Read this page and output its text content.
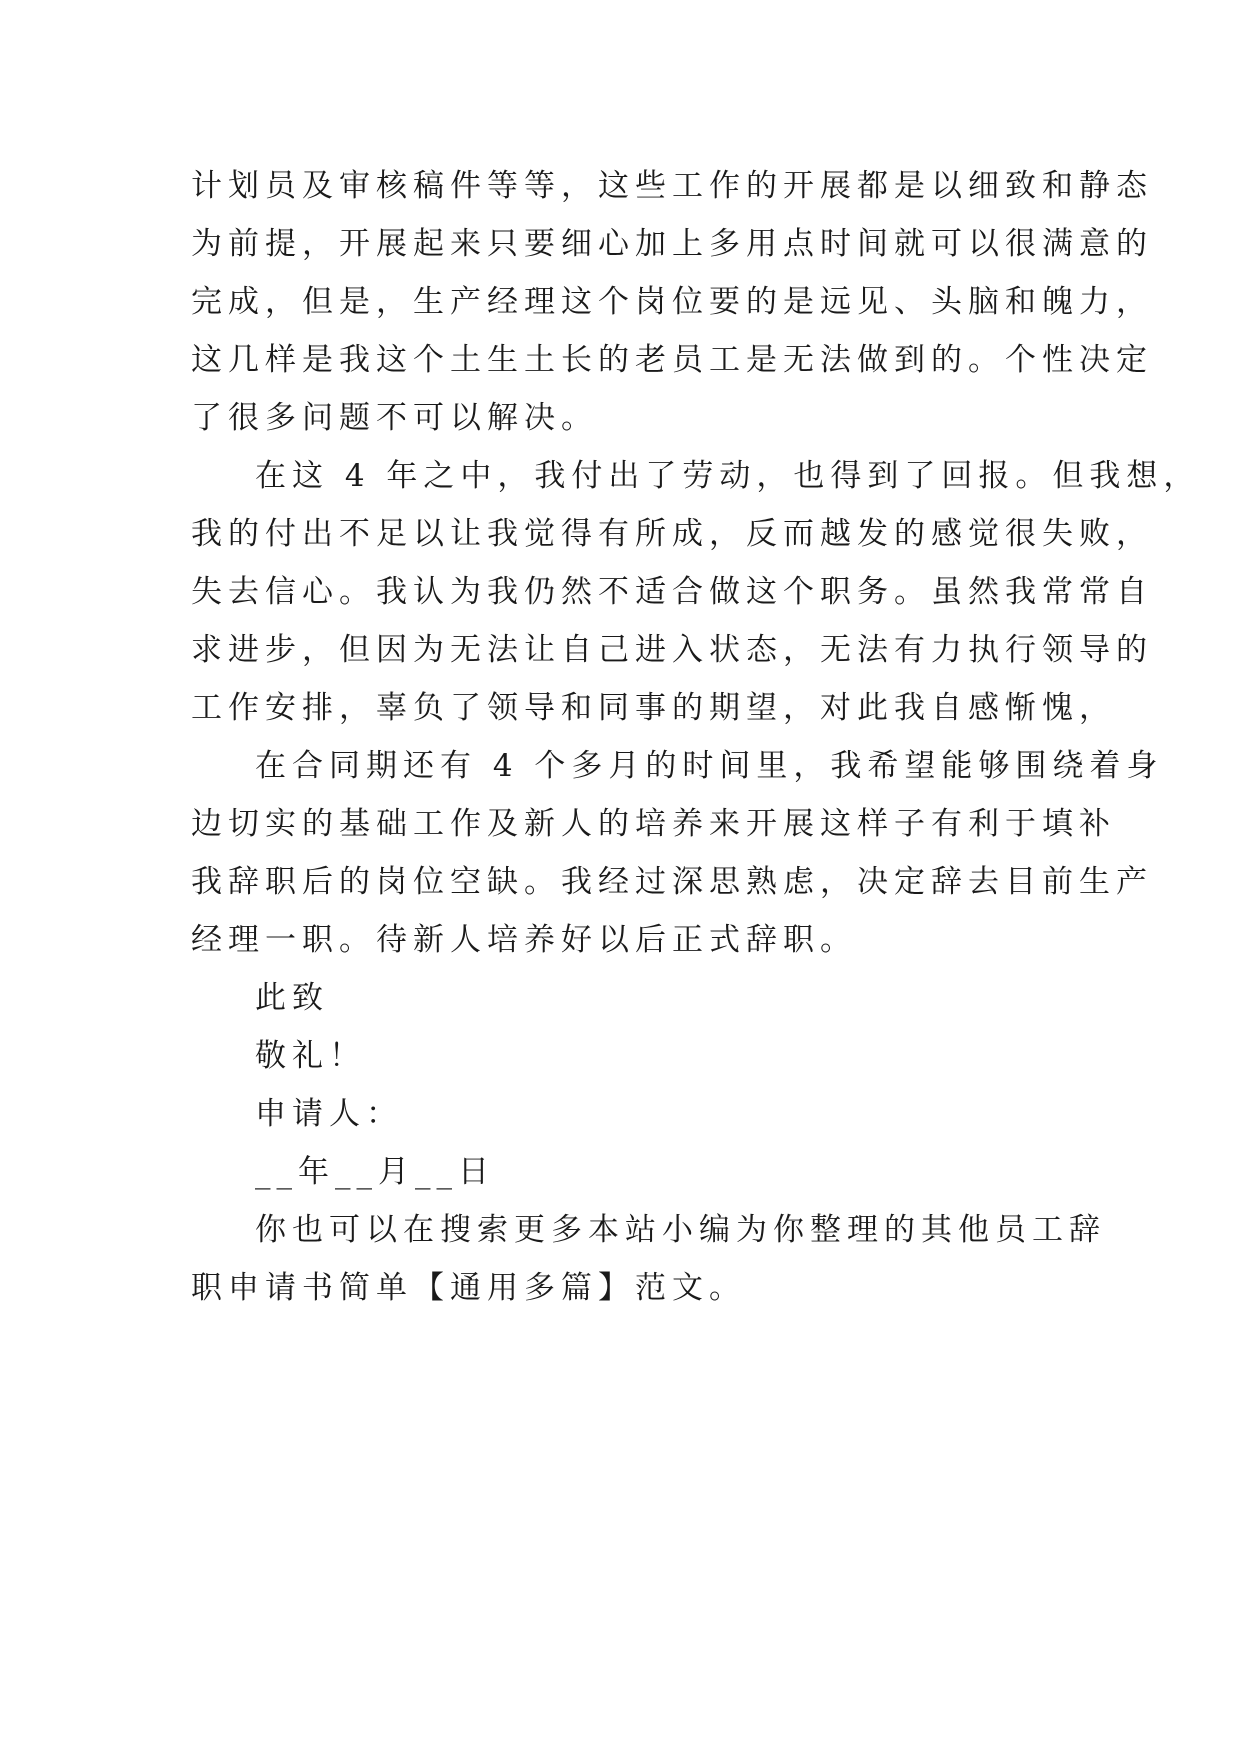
计划员及审核稿件等等，这些工作的开展都是以细致和静态
为前提，开展起来只要细心加上多用点时间就可以很满意的
完成，但是，生产经理这个岗位要的是远见、头脑和魄力，
这几样是我这个土生土长的老员工是无法做到的。个性决定
了很多问题不可以解决。
在这 4 年之中，我付出了劳动，也得到了回报。但我想，
我的付出不足以让我觉得有所成，反而越发的感觉很失败，
失去信心。我认为我仍然不适合做这个职务。虽然我常常自
求进步，但因为无法让自己进入状态，无法有力执行领导的
工作安排，辜负了领导和同事的期望，对此我自感惭愧，
在合同期还有 4 个多月的时间里，我希望能够围绕着身
边切实的基础工作及新人的培养来开展这样子有利于填补
我辞职后的岗位空缺。我经过深思熟虑，决定辞去目前生产
经理一职。待新人培养好以后正式辞职。
此致
敬礼！
申请人：
__年__月__日
你也可以在搜索更多本站小编为你整理的其他员工辞
职申请书简单【通用多篇】范文。
